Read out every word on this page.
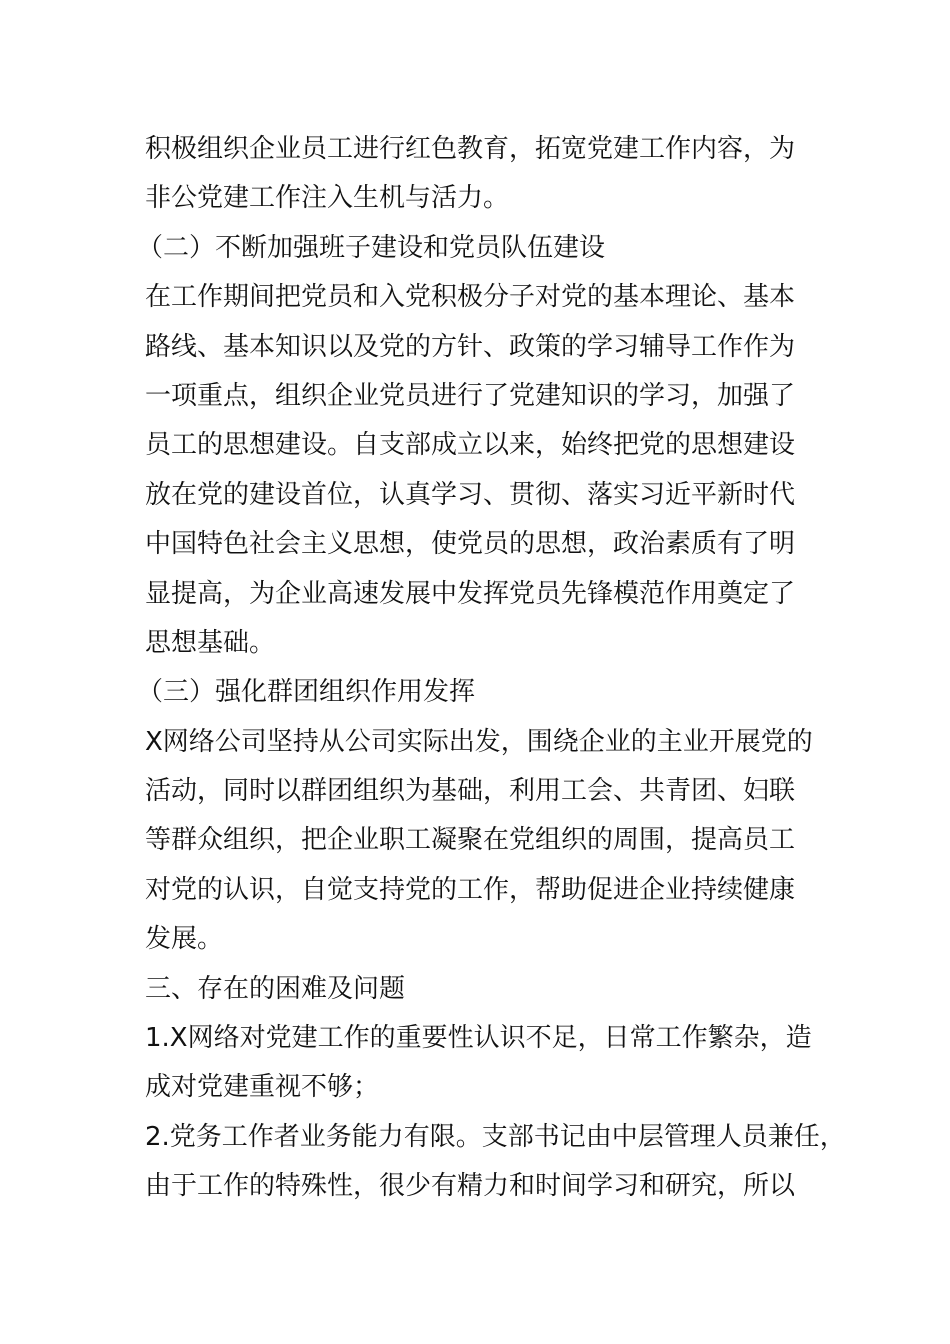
积极组织企业员工进行红色教育，拓宽党建工作内容，为
非公党建工作注入生机与活力。
（二）不断加强班子建设和党员队伍建设
在工作期间把党员和入党积极分子对党的基本理论、基本
路线、基本知识以及党的方针、政策的学习辅导工作作为
一项重点，组织企业党员进行了党建知识的学习，加强了
员工的思想建设。自支部成立以来，始终把党的思想建设
放在党的建设首位，认真学习、贯彻、落实习近平新时代
中国特色社会主义思想，使党员的思想，政治素质有了明
显提高，为企业高速发展中发挥党员先锋模范作用奠定了
思想基础。
（三）强化群团组织作用发挥
X网络公司坚持从公司实际出发，围绕企业的主业开展党的
活动，同时以群团组织为基础，利用工会、共青团、妇联
等群众组织，把企业职工凝聚在党组织的周围，提高员工
对党的认识，自觉支持党的工作，帮助促进企业持续健康
发展。
三、存在的困难及问题
1.X网络对党建工作的重要性认识不足，日常工作繁杂，造
成对党建重视不够；
2.党务工作者业务能力有限。支部书记由中层管理人员兼任，
由于工作的特殊性，很少有精力和时间学习和研究，所以
